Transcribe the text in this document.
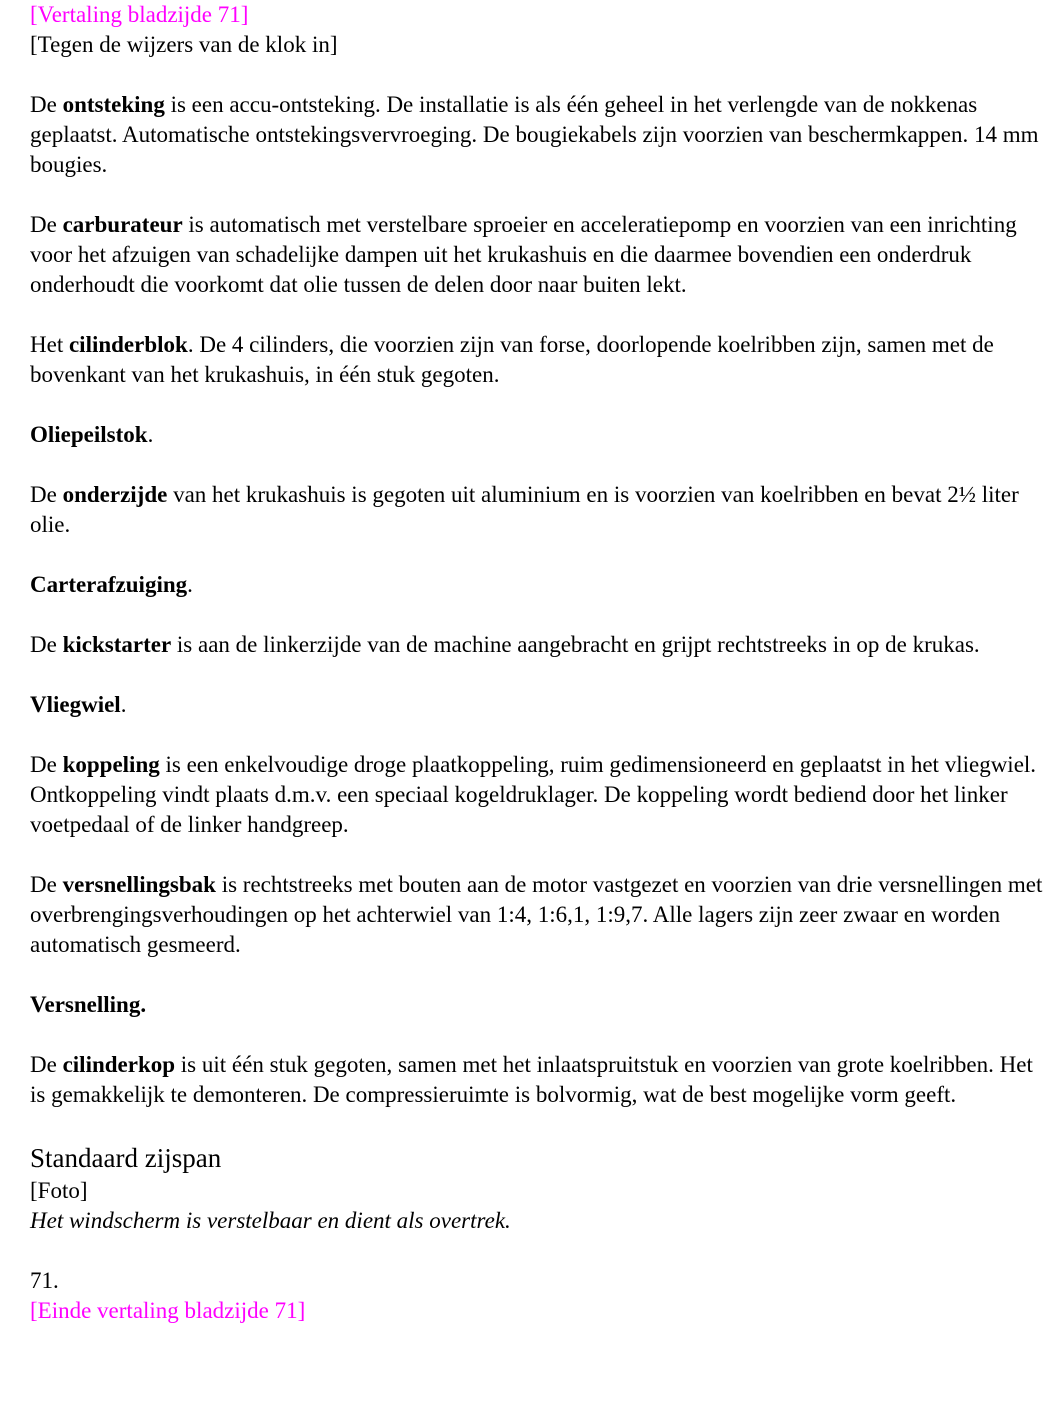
[Vertaling bladzijde 71]

[Tegen de wijzers van de klok in]

De ontsteking is een accu-ontsteking. De installatie is als één geheel in het verlengde van de nokkenas geplaatst. Automatische ontstekingsvervroeging. De bougiekabels zijn voorzien van beschermkappen. 14 mm bougies.

De carburateur is automatisch met verstelbare sproeier en acceleratiepomp en voorzien van een inrichting voor het afzuigen van schadelijke dampen uit het krukashuis en die daarmee bovendien een onderdruk onderhoudt die voorkomt dat olie tussen de delen door naar buiten lekt.

Het cilinderblok. De 4 cilinders, die voorzien zijn van forse, doorlopende koelribben zijn, samen met de bovenkant van het krukashuis, in één stuk gegoten.

Oliepeilstok.

De onderzijde van het krukashuis is gegoten uit aluminium en is voorzien van koelribben en bevat 2½ liter olie.

Carterafzuiging.

De kickstarter is aan de linkerzijde van de machine aangebracht en grijpt rechtstreeks in op de krukas.

Vliegwiel.

De koppeling is een enkelvoudige droge plaatkoppeling, ruim gedimensioneerd en geplaatst in het vliegwiel. Ontkoppeling vindt plaats d.m.v. een speciaal kogeldruklager. De koppeling wordt bediend door het linker voetpedaal of de linker handgreep.

De versnellingsbak is rechtstreeks met bouten aan de motor vastgezet en voorzien van drie versnellingen met overbrengingsverhoudingen op het achterwiel van 1:4, 1:6,1, 1:9,7. Alle lagers zijn zeer zwaar en worden automatisch gesmeerd.

Versnelling.

De cilinderkop is uit één stuk gegoten, samen met het inlaatspruitstuk en voorzien van grote koelribben. Het is gemakkelijk te demonteren. De compressieruimte is bolvormig, wat de best mogelijke vorm geeft.

Standaard zijspan

[Foto]

Het windscherm is verstelbaar en dient als overtrek.

71.

[Einde vertaling bladzijde 71]
